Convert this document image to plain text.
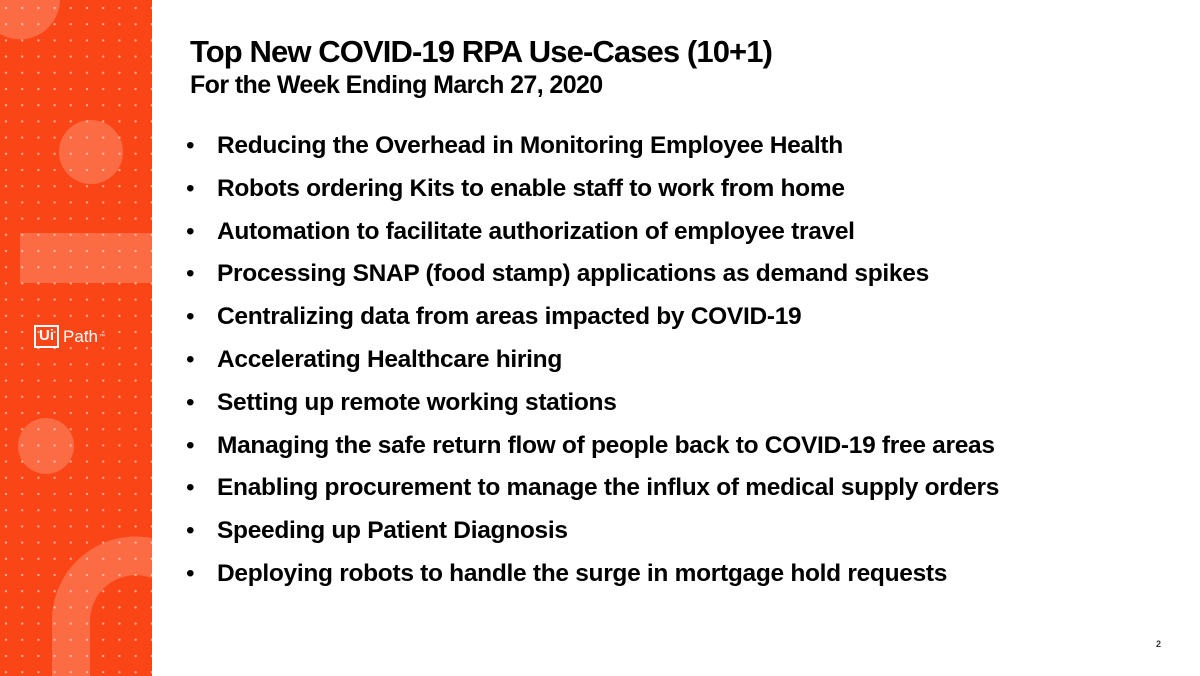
Ui Path ™
Top New COVID-19 RPA Use-Cases (10+1)
For the Week Ending March 27, 2020
• Reducing the Overhead in Monitoring Employee Health
• Robots ordering Kits to enable staff to work from home
• Automation to facilitate authorization of employee travel
• Processing SNAP (food stamp) applications as demand spikes
• Centralizing data from areas impacted by COVID-19
• Accelerating Healthcare hiring
• Setting up remote working stations
• Managing the safe return flow of people back to COVID-19 free areas
• Enabling procurement to manage the influx of medical supply orders
• Speeding up Patient Diagnosis
• Deploying robots to handle the surge in mortgage hold requests
2
